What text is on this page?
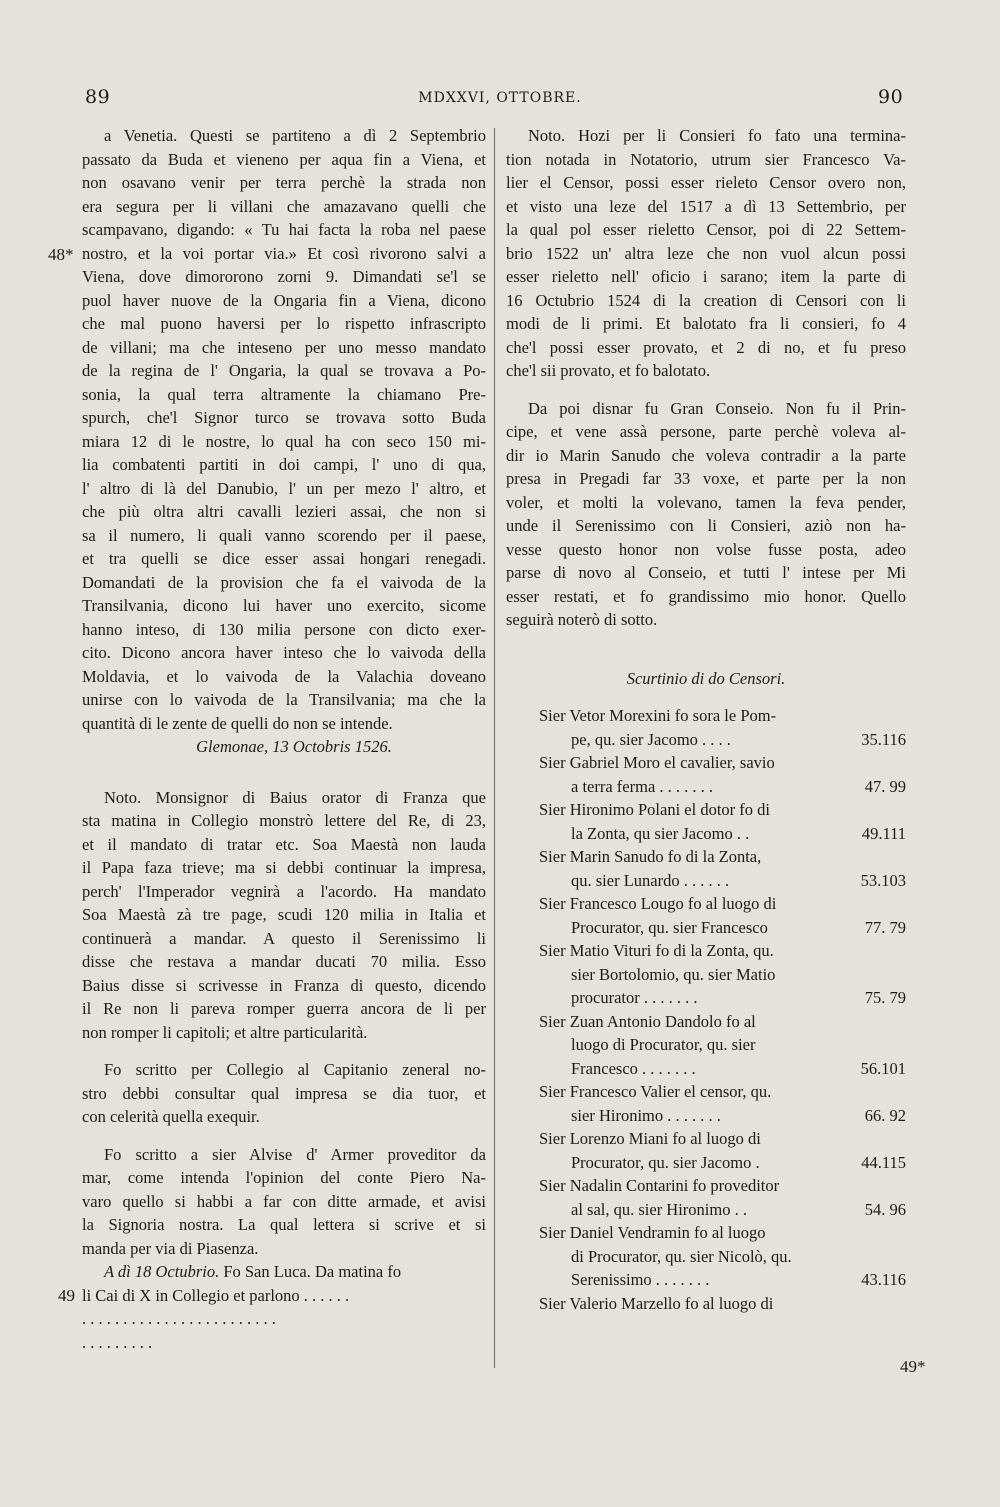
89	MDXXVI, OTTOBRE.	90
48*
49
49*
a Venetia. Questi se partiteno a dì 2 Septembrio
passato da Buda et vieneno per aqua fin a Viena, et
non osavano venir per terra perchè la strada non
era segura per li villani che amazavano quelli che
scampavano, digando: « Tu hai facta la roba nel paese
nostro, et la voi portar via.» Et così rivorono salvi a
Viena, dove dimororono zorni 9. Dimandati se'l se
puol haver nuove de la Ongaria fin a Viena, dicono
che mal puono haversi per lo rispetto infrascripto
de villani; ma che inteseno per uno messo mandato
de la regina de l' Ongaria, la qual se trovava a Po-
sonia, la qual terra altramente la chiamano Pre-
spurch, che'l Signor turco se trovava sotto Buda
miara 12 di le nostre, lo qual ha con seco 150 mi-
lia combatenti partiti in doi campi, l' uno di qua,
l' altro di là del Danubio, l' un per mezo l' altro, et
che più oltra altri cavalli lezieri assai, che non si
sa il numero, li quali vanno scorendo per il paese,
et tra quelli se dice esser assai hongari renegadi.
Domandati de la provision che fa el vaivoda de la
Transilvania, dicono lui haver uno exercito, sicome
hanno inteso, di 130 milia persone con dicto exer-
cito. Dicono ancora haver inteso che lo vaivoda della
Moldavia, et lo vaivoda de la Valachia doveano
unirse con lo vaivoda de la Transilvania; ma che la
quantità di le zente de quelli do non se intende.
Glemonae, 13 Octobris 1526.
Noto. Monsignor di Baius orator di Franza que
sta matina in Collegio monstrò lettere del Re, di 23,
et il mandato di tratar etc. Soa Maestà non lauda
il Papa faza trieve; ma si debbi continuar la impresa,
perch' l'Imperador vegnirà a l'acordo. Ha mandato
Soa Maestà zà tre page, scudi 120 milia in Italia et
continuerà a mandar. A questo il Serenissimo li
disse che restava a mandar ducati 70 milia. Esso
Baius disse si scrivesse in Franza di questo, dicendo
il Re non li pareva romper guerra ancora de li per
non romper li capitoli; et altre particularità.
Fo scritto per Collegio al Capitanio zeneral no-
stro debbi consultar qual impresa se dia tuor, et
con celerità quella exequir.
Fo scritto a sier Alvise d' Armer proveditor da
mar, come intenda l'opinion del conte Piero Na-
varo quello si habbi a far con ditte armade, et avisi
la Signoria nostra. La qual lettera si scrive et si
manda per via di Piasenza.
A dì 18 Octubrio. Fo San Luca. Da matina fo
li Cai di X in Collegio et parlono . . . . . .
. . . . . . . . . . . . . . . . . . . . . . . .
. . . . . . . . .
Noto. Hozi per li Consieri fo fato una termina-
tion notada in Notatorio, utrum sier Francesco Va-
lier el Censor, possi esser rieleto Censor overo non,
et visto una leze del 1517 a dì 13 Settembrio, per
la qual pol esser rieletto Censor, poi di 22 Settem-
brio 1522 un' altra leze che non vuol alcun possi
esser rieletto nell' oficio i sarano; item la parte di
16 Octubrio 1524 di la creation di Censori con li
modi de li primi. Et balotato fra li consieri, fo 4
che'l possi esser provato, et 2 di no, et fu preso
che'l sii provato, et fo balotato.
Da poi disnar fu Gran Conseio. Non fu il Prin-
cipe, et vene assà persone, parte perchè voleva al-
dir io Marin Sanudo che voleva contradir a la parte
presa in Pregadi far 33 voxe, et parte per la non
voler, et molti la volevano, tamen la feva pender,
unde il Serenissimo con li Consieri, aziò non ha-
vesse questo honor non volse fusse posta, adeo
parse di novo al Conseio, et tutti l' intese per Mi
esser restati, et fo grandissimo mio honor. Quello
seguirà noterò di sotto.
Scurtinio di do Censori.
Sier Vetor Morexini fo sora le Pom-
pe, qu. sier Jacomo . . . .	35.116
Sier Gabriel Moro el cavalier, savio
a terra ferma . . . . . . .	47. 99
Sier Hironimo Polani el dotor fo di
la Zonta, qu sier Jacomo . .	49.111
Sier Marin Sanudo fo di la Zonta,
qu. sier Lunardo . . . . . .	53.103
Sier Francesco Lougo fo al luogo di
Procurator, qu. sier Francesco	77. 79
Sier Matio Vituri fo di la Zonta, qu.
sier Bortolomio, qu. sier Matio
procurator . . . . . . .	75. 79
Sier Zuan Antonio Dandolo fo al
luogo di Procurator, qu. sier
Francesco . . . . . . .	56.101
Sier Francesco Valier el censor, qu.
sier Hironimo . . . . . . .	66. 92
Sier Lorenzo Miani fo al luogo di
Procurator, qu. sier Jacomo .	44.115
Sier Nadalin Contarini fo proveditor
al sal, qu. sier Hironimo . .	54. 96
Sier Daniel Vendramin fo al luogo
di Procurator, qu. sier Nicolò, qu.
Serenissimo . . . . . . .	43.116
Sier Valerio Marzello fo al luogo di
